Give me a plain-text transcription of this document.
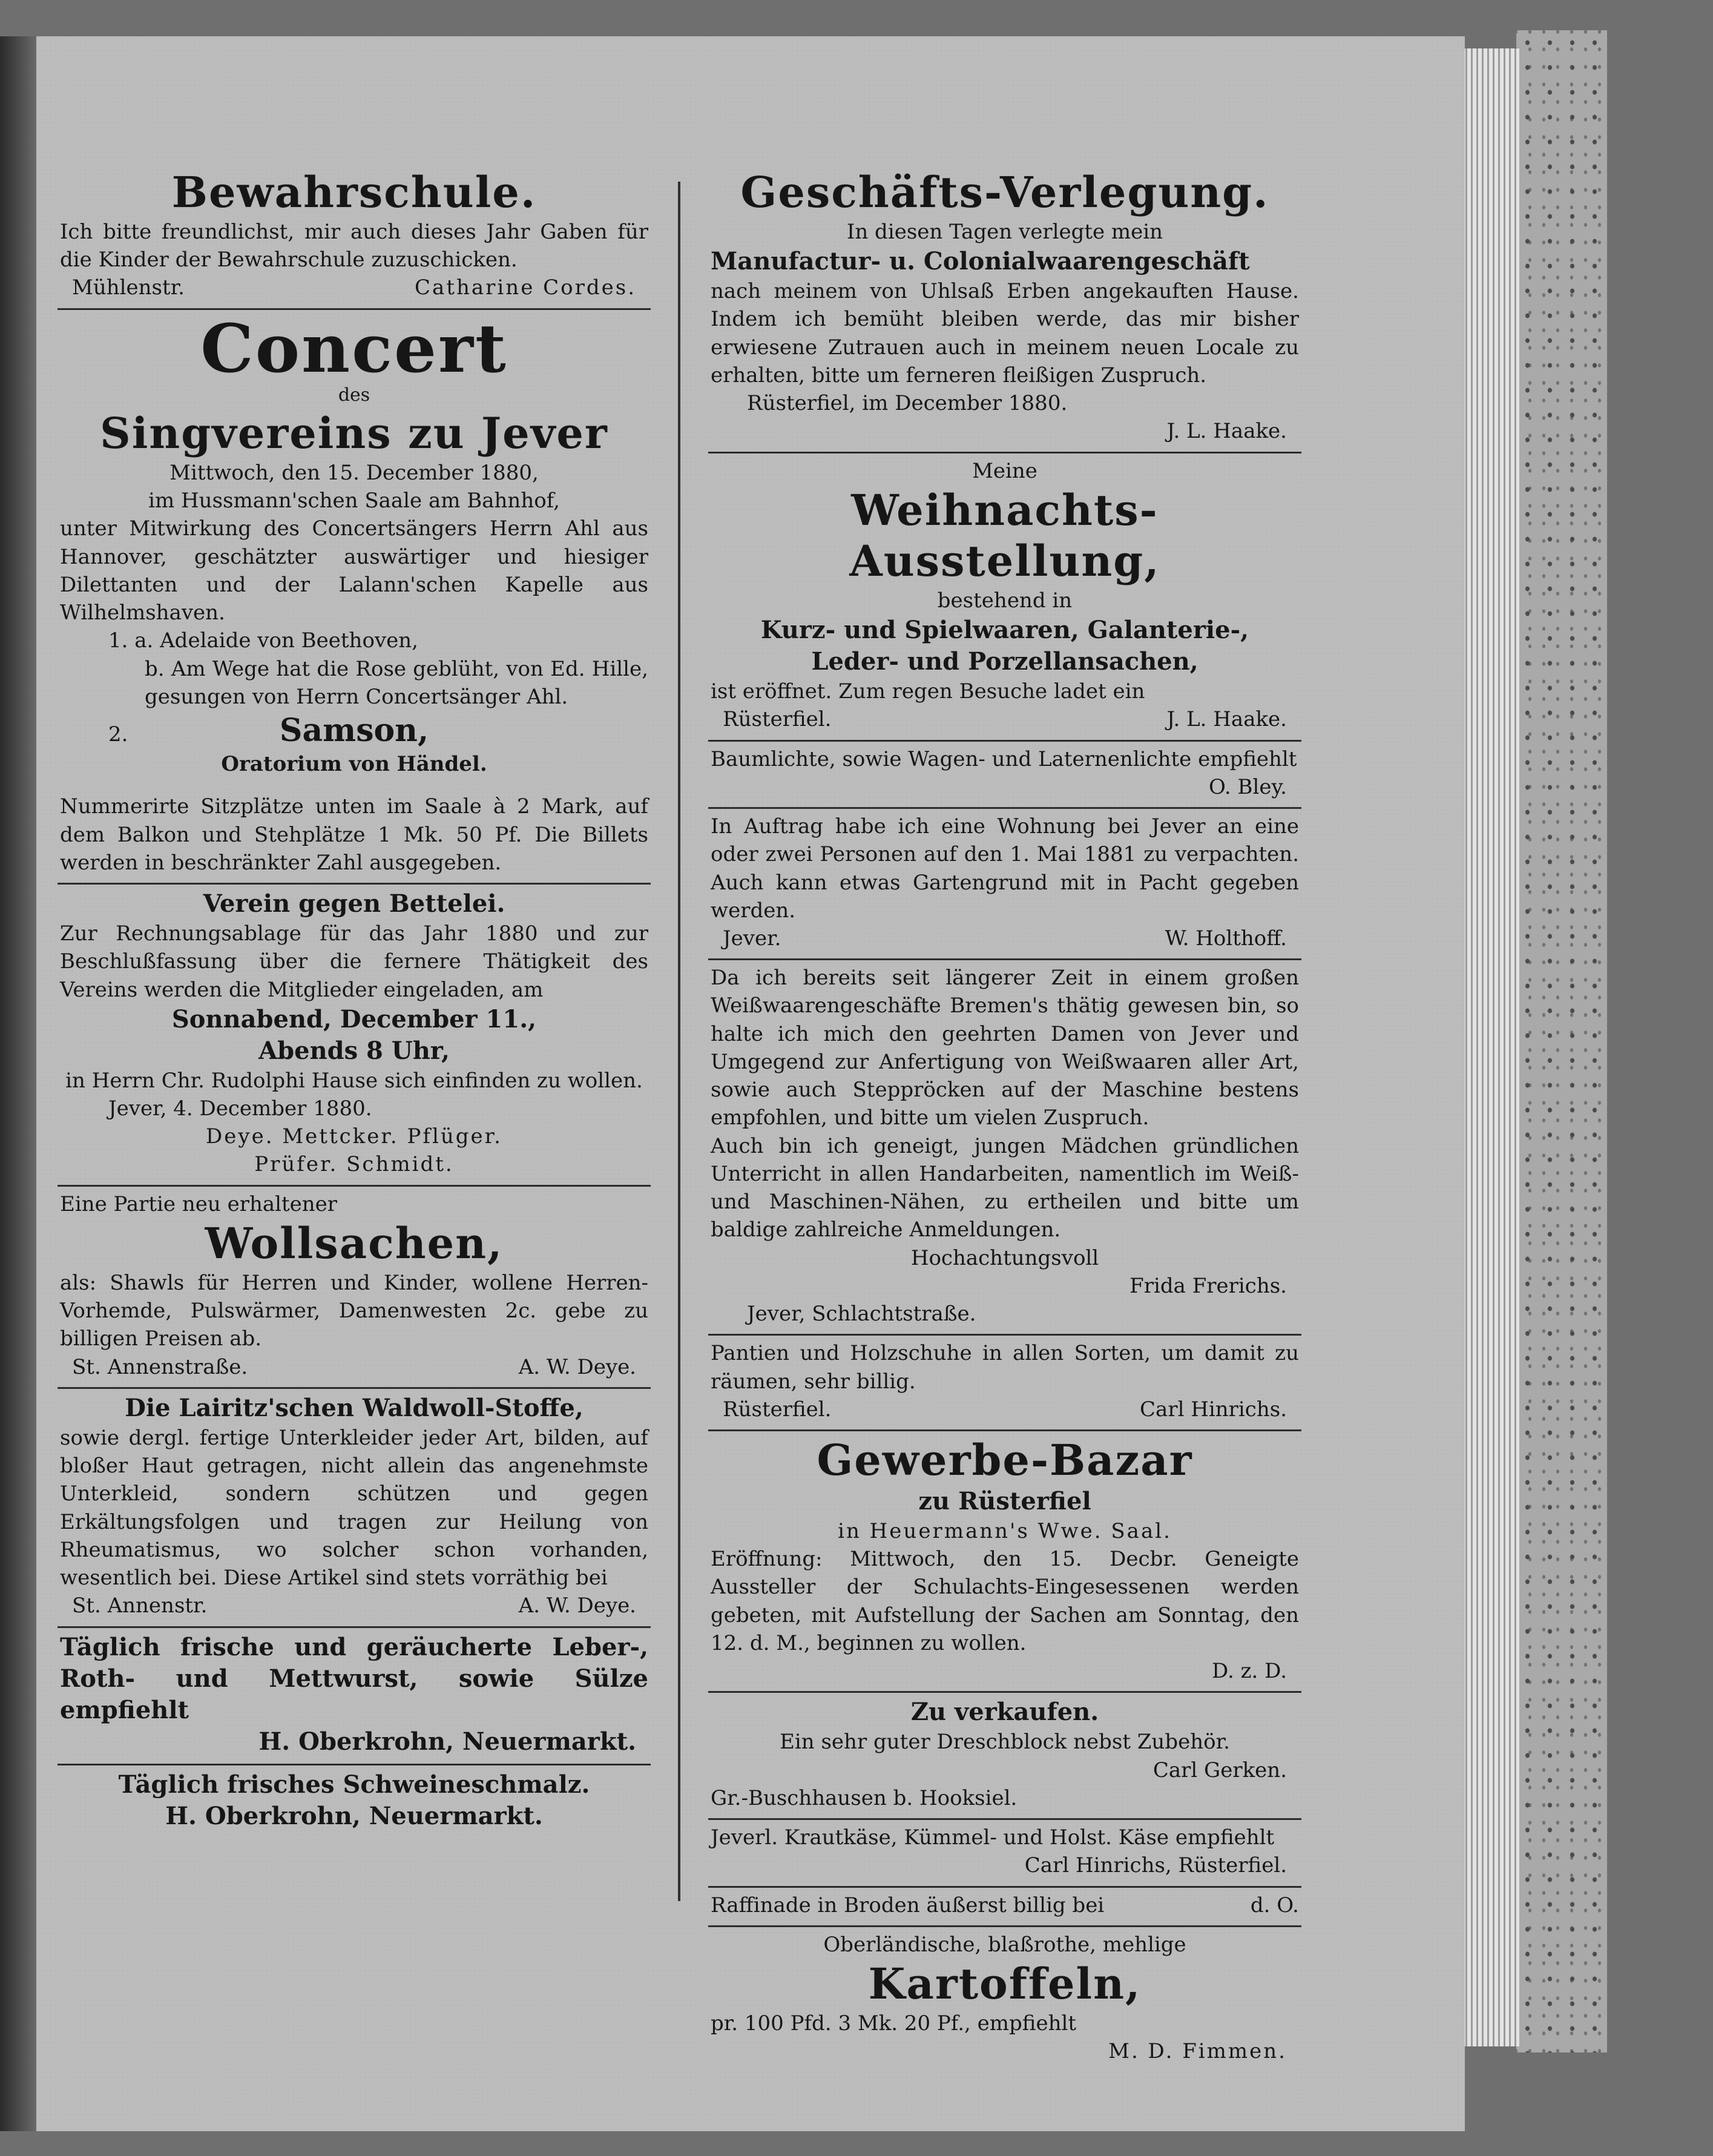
Bewahrschule.

Ich bitte freundlichst, mir auch dieses Jahr Gaben für die Kinder der Bewahrschule zuzuschicken.

Mühlenstr.	Catharine Cordes.
Concert
des
Singvereins zu Jever
Mittwoch, den 15. December 1880,
im Hussmann'schen Saale am Bahnhof,

unter Mitwirkung des Concertsängers Herrn Ahl aus Hannover, geschätzter auswärtiger und hiesiger Dilettanten und der Lalann'schen Kapelle aus Wilhelmshaven.

1. a. Adelaide von Beethoven,

b. Am Wege hat die Rose geblüht, von Ed. Hille, gesungen von Herrn Concertsänger Ahl.

2.	Samson,
Oratorium von Händel.

Nummerirte Sitzplätze unten im Saale à 2 Mark, auf dem Balkon und Stehplätze 1 Mk. 50 Pf. Die Billets werden in beschränkter Zahl ausgegeben.

Verein gegen Bettelei.

Zur Rechnungsablage für das Jahr 1880 und zur Beschlußfassung über die fernere Thätigkeit des Vereins werden die Mitglieder eingeladen, am

Sonnabend, December 11.,
Abends 8 Uhr,
in Herrn Chr. Rudolphi Hause sich einfinden zu wollen.
Jever, 4. December 1880.
Deye. Mettcker. Pflüger.
Prüfer. Schmidt.
Eine Partie neu erhaltener
Wollsachen,

als: Shawls für Herren und Kinder, wollene Herren-Vorhemde, Pulswärmer, Damenwesten 2c. gebe zu billigen Preisen ab.

St. Annenstraße.	A. W. Deye.
Die Lairitz'schen Waldwoll-Stoffe,

sowie dergl. fertige Unterkleider jeder Art, bilden, auf bloßer Haut getragen, nicht allein das angenehmste Unterkleid, sondern schützen und gegen Erkältungsfolgen und tragen zur Heilung von Rheumatismus, wo solcher schon vorhanden, wesentlich bei. Diese Artikel sind stets vorräthig bei

St. Annenstr.	A. W. Deye.

Täglich frische und geräucherte Leber-, Roth- und Mettwurst, sowie Sülze empfiehlt

H. Oberkrohn, Neuermarkt.
Täglich frisches Schweineschmalz.
H. Oberkrohn, Neuermarkt.
Geschäfts-Verlegung.
In diesen Tagen verlegte mein
Manufactur- u. Colonialwaarengeschäft

nach meinem von Uhlsaß Erben angekauften Hause. Indem ich bemüht bleiben werde, das mir bisher erwiesene Zutrauen auch in meinem neuen Locale zu erhalten, bitte um ferneren fleißigen Zuspruch.

Rüsterfiel, im December 1880.
J. L. Haake.
Meine
Weihnachts-Ausstellung,
bestehend in
Kurz- und Spielwaaren, Galanterie-,
Leder- und Porzellansachen,
ist eröffnet. Zum regen Besuche ladet ein
Rüsterfiel.	J. L. Haake.

Baumlichte, sowie Wagen- und Laternenlichte empfiehlt

O. Bley.

In Auftrag habe ich eine Wohnung bei Jever an eine oder zwei Personen auf den 1. Mai 1881 zu verpachten. Auch kann etwas Gartengrund mit in Pacht gegeben werden.

Jever.	W. Holthoff.

Da ich bereits seit längerer Zeit in einem großen Weißwaarengeschäfte Bremen's thätig gewesen bin, so halte ich mich den geehrten Damen von Jever und Umgegend zur Anfertigung von Weißwaaren aller Art, sowie auch Steppröcken auf der Maschine bestens empfohlen, und bitte um vielen Zuspruch.

Auch bin ich geneigt, jungen Mädchen gründlichen Unterricht in allen Handarbeiten, namentlich im Weiß- und Maschinen-Nähen, zu ertheilen und bitte um baldige zahlreiche Anmeldungen.

Hochachtungsvoll
Frida Frerichs.
Jever, Schlachtstraße.

Pantien und Holzschuhe in allen Sorten, um damit zu räumen, sehr billig.

Rüsterfiel.	Carl Hinrichs.
Gewerbe-Bazar
zu Rüsterfiel
in Heuermann's Wwe. Saal.

Eröffnung: Mittwoch, den 15. Decbr. Geneigte Aussteller der Schulachts-Eingesessenen werden gebeten, mit Aufstellung der Sachen am Sonntag, den 12. d. M., beginnen zu wollen.

D. z. D.
Zu verkaufen.
Ein sehr guter Dreschblock nebst Zubehör.
Carl Gerken.
Gr.-Buschhausen b. Hooksiel.

Jeverl. Krautkäse, Kümmel- und Holst. Käse empfiehlt

Carl Hinrichs, Rüsterfiel.
Raffinade in Broden äußerst billig bei	d. O.
Oberländische, blaßrothe, mehlige
Kartoffeln,
pr. 100 Pfd. 3 Mk. 20 Pf., empfiehlt
M. D. Fimmen.
